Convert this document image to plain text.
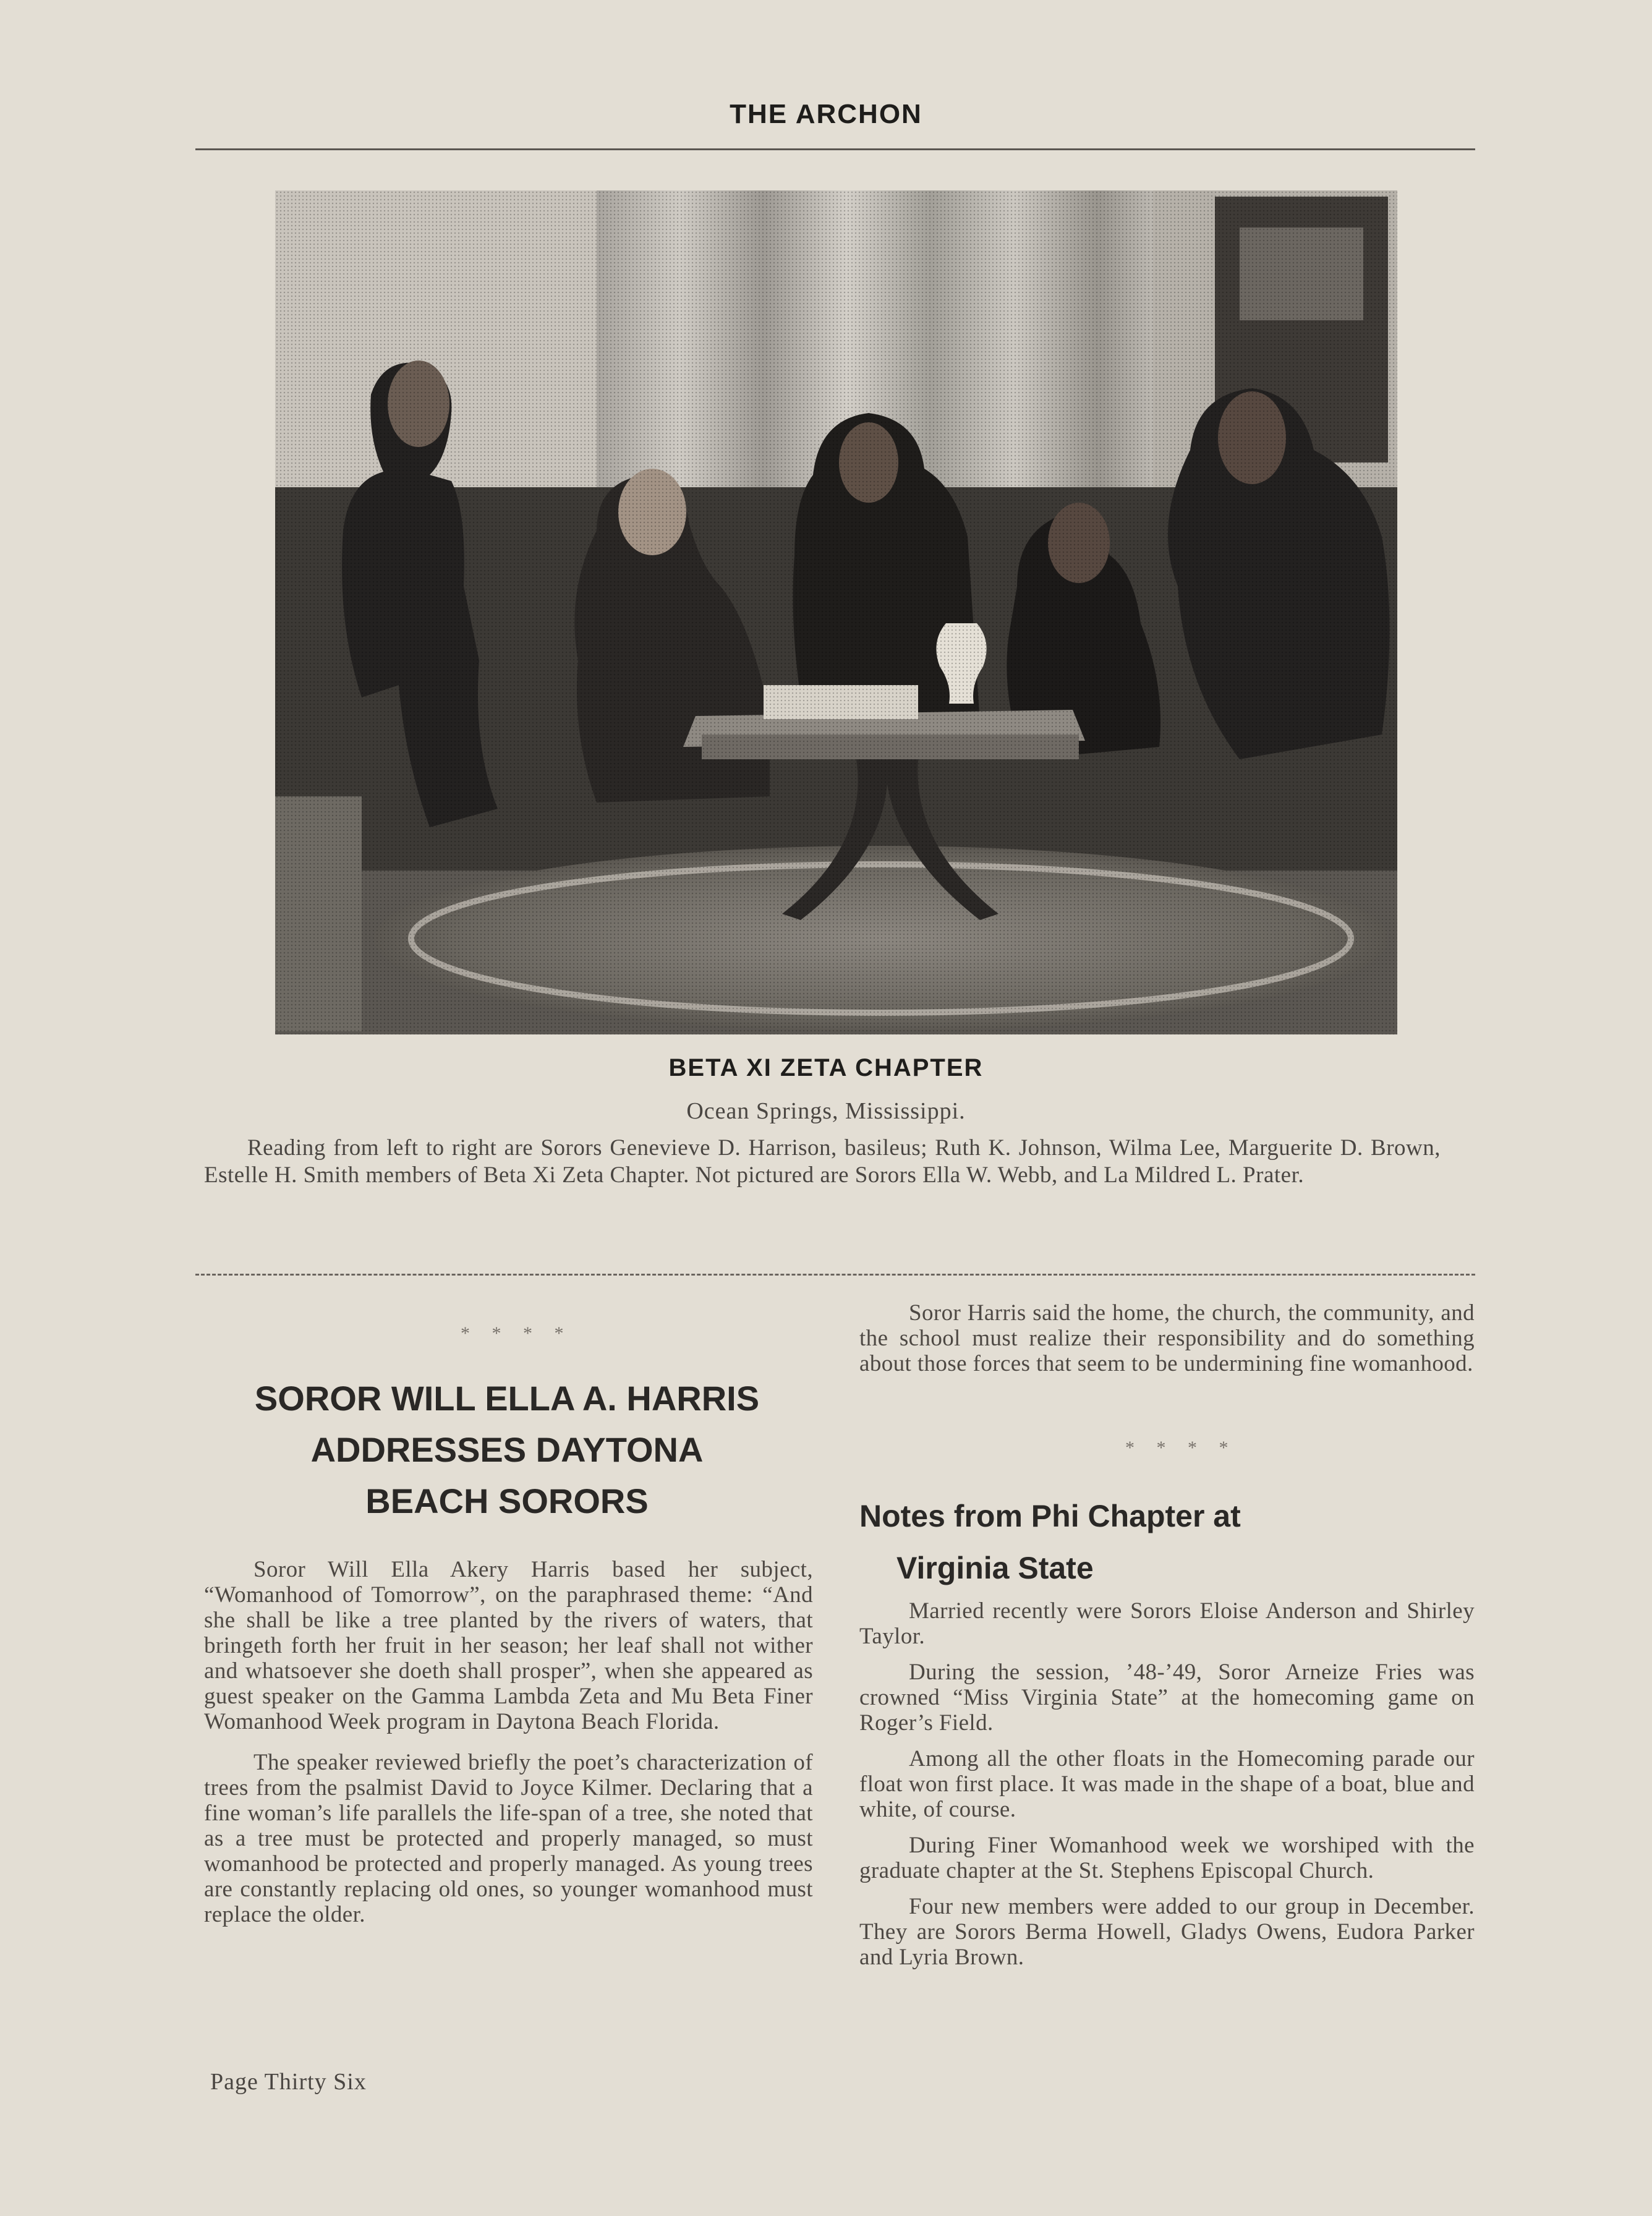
THE ARCHON
BETA XI ZETA CHAPTER
Ocean Springs, Mississippi.
Reading from left to right are Sorors Genevieve D. Harrison, basileus; Ruth K. Johnson, Wilma Lee, Marguerite D. Brown, Estelle H. Smith members of Beta Xi Zeta Chapter. Not pictured are Sorors Ella W. Webb, and La Mildred L. Prater.
* * * *
SOROR WILL ELLA A. HARRIS
ADDRESSES DAYTONA
BEACH SORORS

Soror Will Ella Akery Harris based her subject, “Womanhood of Tomorrow”, on the paraphrased theme: “And she shall be like a tree planted by the rivers of waters, that bringeth forth her fruit in her season; her leaf shall not wither and whatsoever she doeth shall prosper”, when she appeared as guest speaker on the Gamma Lambda Zeta and Mu Beta Finer Womanhood Week program in Daytona Beach Florida.

The speaker reviewed briefly the poet’s characterization of trees from the psalmist David to Joyce Kilmer. Declaring that a fine woman’s life parallels the life-span of a tree, she noted that as a tree must be protected and properly managed, so must womanhood be protected and properly managed. As young trees are constantly replacing old ones, so younger womanhood must replace the older.

Soror Harris said the home, the church, the community, and the school must realize their responsibility and do something about those forces that seem to be undermining fine womanhood.

* * * *
Notes from Phi Chapter at
Virginia State

Married recently were Sorors Eloise Anderson and Shirley Taylor.

During the session, ’48-’49, Soror Arneize Fries was crowned “Miss Virginia State” at the homecoming game on Roger’s Field.

Among all the other floats in the Homecoming parade our float won first place. It was made in the shape of a boat, blue and white, of course.

During Finer Womanhood week we worshiped with the graduate chapter at the St. Stephens Episcopal Church.

Four new members were added to our group in December. They are Sorors Berma Howell, Gladys Owens, Eudora Parker and Lyria Brown.

Page Thirty Six
